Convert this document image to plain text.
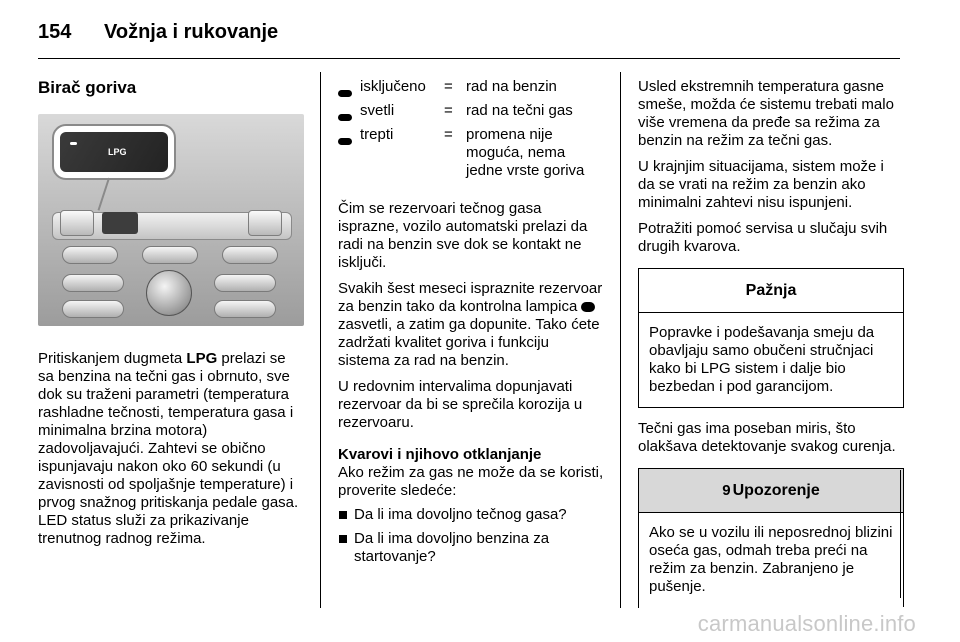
154 Vožnja i rukovanje
Birač goriva
LPG

Pritiskanjem dugmeta LPG prelazi se sa benzina na tečni gas i obrnuto, sve dok su traženi parametri (temperatura rashladne tečnosti, temperatura gasa i minimalna brzina motora) zadovoljavajući. Zahtevi se obično ispunjavaju nakon oko 60 sekundi (u zavisnosti od spoljašnje temperature) i prvog snažnog pritiskanja pedale gasa. LED status služi za prikazivanje trenutnog radnog režima.

isključeno	= rad na benzin
svetli	= rad na tečni gas
trepti	= promena nije moguća, nema jedne vrste goriva

Čim se rezervoari tečnog gasa isprazne, vozilo automatski prelazi da radi na benzin sve dok se kontakt ne isključi.

Svakih šest meseci ispraznite rezervoar za benzin tako da kontrolna lampica  zasvetli, a zatim ga dopunite. Tako ćete zadržati kvalitet goriva i funkciju sistema za rad na benzin.

U redovnim intervalima dopunjavati rezervoar da bi se sprečila korozija u rezervoaru.

Kvarovi i njihovo otklanjanje

Ako režim za gas ne može da se koristi, proverite sledeće:

Da li ima dovoljno tečnog gasa?
Da li ima dovoljno benzina za startovanje?

Usled ekstremnih temperatura gasne smeše, možda će sistemu trebati malo više vremena da pređe sa režima za benzin na režim za tečni gas.

U krajnjim situacijama, sistem može i da se vrati na režim za benzin ako minimalni zahtevi nisu ispunjeni.

Potražiti pomoć servisa u slučaju svih drugih kvarova.

Pažnja
Popravke i podešavanja smeju da obavljaju samo obučeni stručnjaci kako bi LPG sistem i dalje bio bezbedan i pod garancijom.

Tečni gas ima poseban miris, što olakšava detektovanje svakog curenja.

9 Upozorenje
Ako se u vozilu ili neposrednoj blizini oseća gas, odmah treba preći na režim za benzin. Zabranjeno je pušenje.
carmanualsonline.info
